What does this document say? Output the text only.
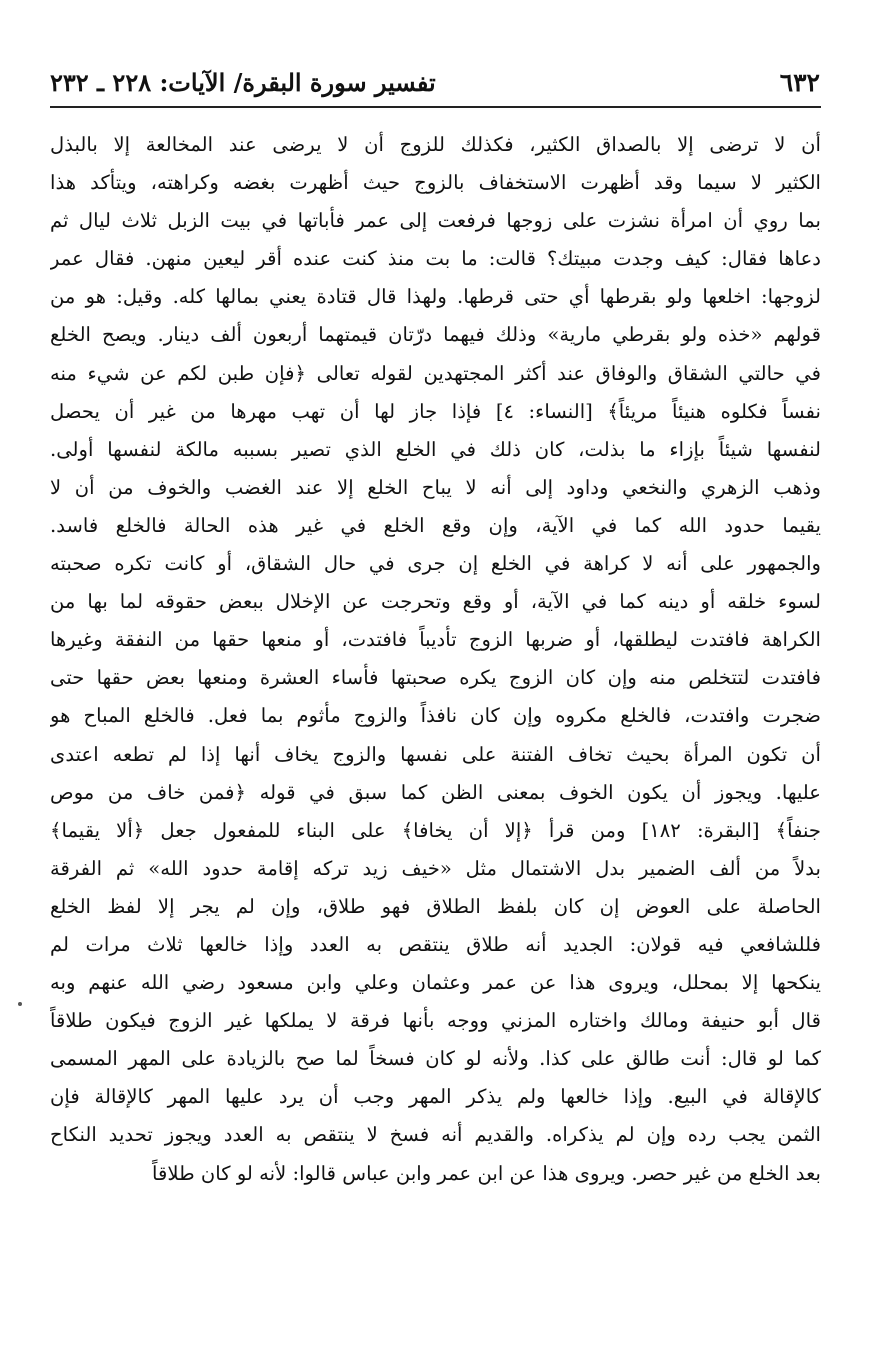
٦٣٢
تفسير سورة البقرة/ الآيات: ٢٢٨ ـ ٢٣٢
أن لا ترضى إلا بالصداق الكثير، فكذلك للزوج أن لا يرضى عند المخالعة إلا بالبذل
الكثير لا سيما وقد أظهرت الاستخفاف بالزوج حيث أظهرت بغضه وكراهته، ويتأكد هذا
بما روي أن امرأة نشزت على زوجها فرفعت إلى عمر فأباتها في بيت الزبل ثلاث ليال ثم
دعاها فقال: كيف وجدت مبيتك؟ قالت: ما بت منذ كنت عنده أقر ليعين منهن. فقال عمر
لزوجها: اخلعها ولو بقرطها أي حتى قرطها. ولهذا قال قتادة يعني بمالها كله. وقيل: هو من
قولهم «خذه ولو بقرطي مارية» وذلك فيهما درّتان قيمتهما أربعون ألف دينار. ويصح الخلع
في حالتي الشقاق والوفاق عند أكثر المجتهدين لقوله تعالى ﴿فإن طبن لكم عن شيء منه
نفساً فكلوه هنيئاً مريئاً﴾ [النساء: ٤] فإذا جاز لها أن تهب مهرها من غير أن يحصل
لنفسها شيئاً بإزاء ما بذلت، كان ذلك في الخلع الذي تصير بسببه مالكة لنفسها أولى.
وذهب الزهري والنخعي وداود إلى أنه لا يباح الخلع إلا عند الغضب والخوف من أن لا
يقيما حدود الله كما في الآية، وإن وقع الخلع في غير هذه الحالة فالخلع فاسد.
والجمهور على أنه لا كراهة في الخلع إن جرى في حال الشقاق، أو كانت تكره صحبته
لسوء خلقه أو دينه كما في الآية، أو وقع وتحرجت عن الإخلال ببعض حقوقه لما بها من
الكراهة فافتدت ليطلقها، أو ضربها الزوج تأديباً فافتدت، أو منعها حقها من النفقة وغيرها
فافتدت لتتخلص منه وإن كان الزوج يكره صحبتها فأساء العشرة ومنعها بعض حقها حتى
ضجرت وافتدت، فالخلع مكروه وإن كان نافذاً والزوج مأثوم بما فعل. فالخلع المباح هو
أن تكون المرأة بحيث تخاف الفتنة على نفسها والزوج يخاف أنها إذا لم تطعه اعتدى
عليها. ويجوز أن يكون الخوف بمعنى الظن كما سبق في قوله ﴿فمن خاف من موص
جنفاً﴾ [البقرة: ١٨٢] ومن قرأ ﴿إلا أن يخافا﴾ على البناء للمفعول جعل ﴿ألا يقيما﴾
بدلاً من ألف الضمير بدل الاشتمال مثل «خيف زيد تركه إقامة حدود الله» ثم الفرقة
الحاصلة على العوض إن كان بلفظ الطلاق فهو طلاق، وإن لم يجر إلا لفظ الخلع
فللشافعي فيه قولان: الجديد أنه طلاق ينتقص به العدد وإذا خالعها ثلاث مرات لم
ينكحها إلا بمحلل، ويروى هذا عن عمر وعثمان وعلي وابن مسعود رضي الله عنهم وبه
قال أبو حنيفة ومالك واختاره المزني ووجه بأنها فرقة لا يملكها غير الزوج فيكون طلاقاً
كما لو قال: أنت طالق على كذا. ولأنه لو كان فسخاً لما صح بالزيادة على المهر المسمى
كالإقالة في البيع. وإذا خالعها ولم يذكر المهر وجب أن يرد عليها المهر كالإقالة فإن
الثمن يجب رده وإن لم يذكراه. والقديم أنه فسخ لا ينتقص به العدد ويجوز تحديد النكاح
بعد الخلع من غير حصر. ويروى هذا عن ابن عمر وابن عباس قالوا: لأنه لو كان طلاقاً
